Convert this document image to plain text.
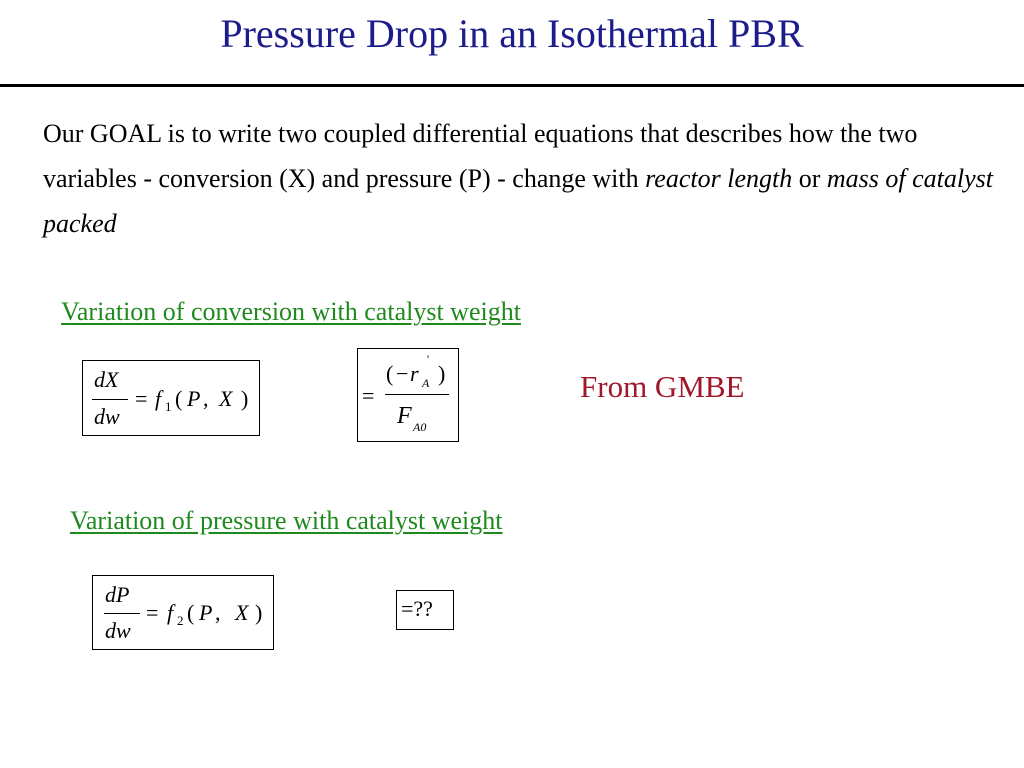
Pressure Drop in an Isothermal PBR
Our GOAL is to write two coupled differential equations that describes how the two variables - conversion (X) and pressure (P) - change with reactor length or mass of catalyst packed
Variation of conversion with catalyst weight
dX
dw
= f 1 ( P , X )	=
( − r
'
A )
F A0
From GMBE
Variation of pressure with catalyst weight
dP
dw
= f 2 ( P , X )	=??
